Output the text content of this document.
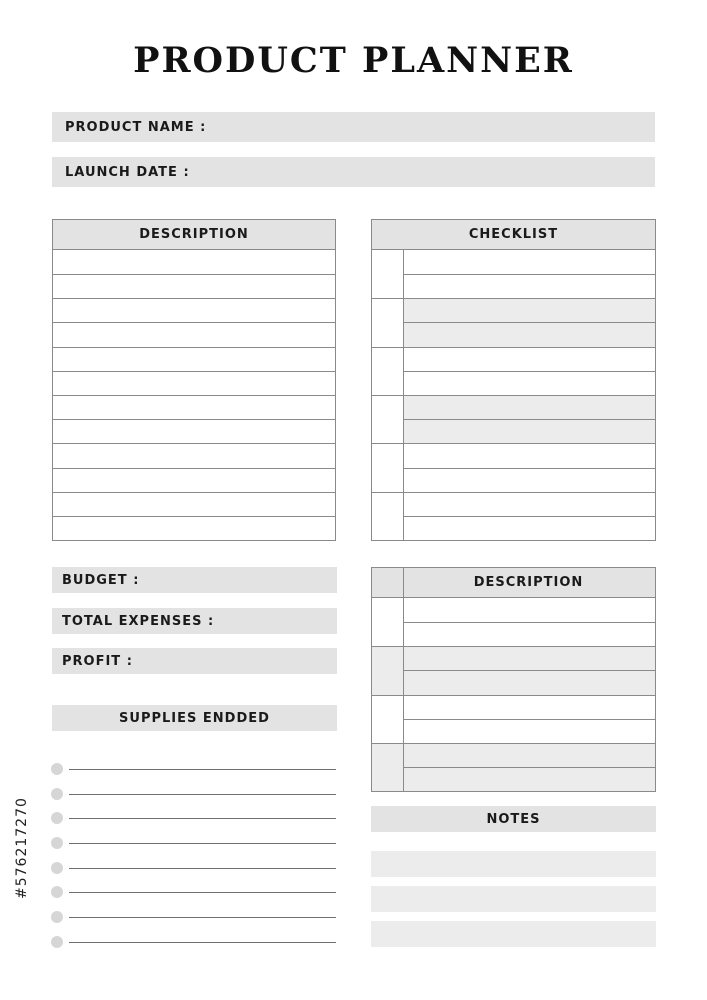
PRODUCT PLANNER
PRODUCT NAME :
LAUNCH DATE :
DESCRIPTION	CHECKLIST
BUDGET :
TOTAL EXPENSES :
PROFIT :
SUPPLIES ENDDED
DESCRIPTION
NOTES
#576217270
